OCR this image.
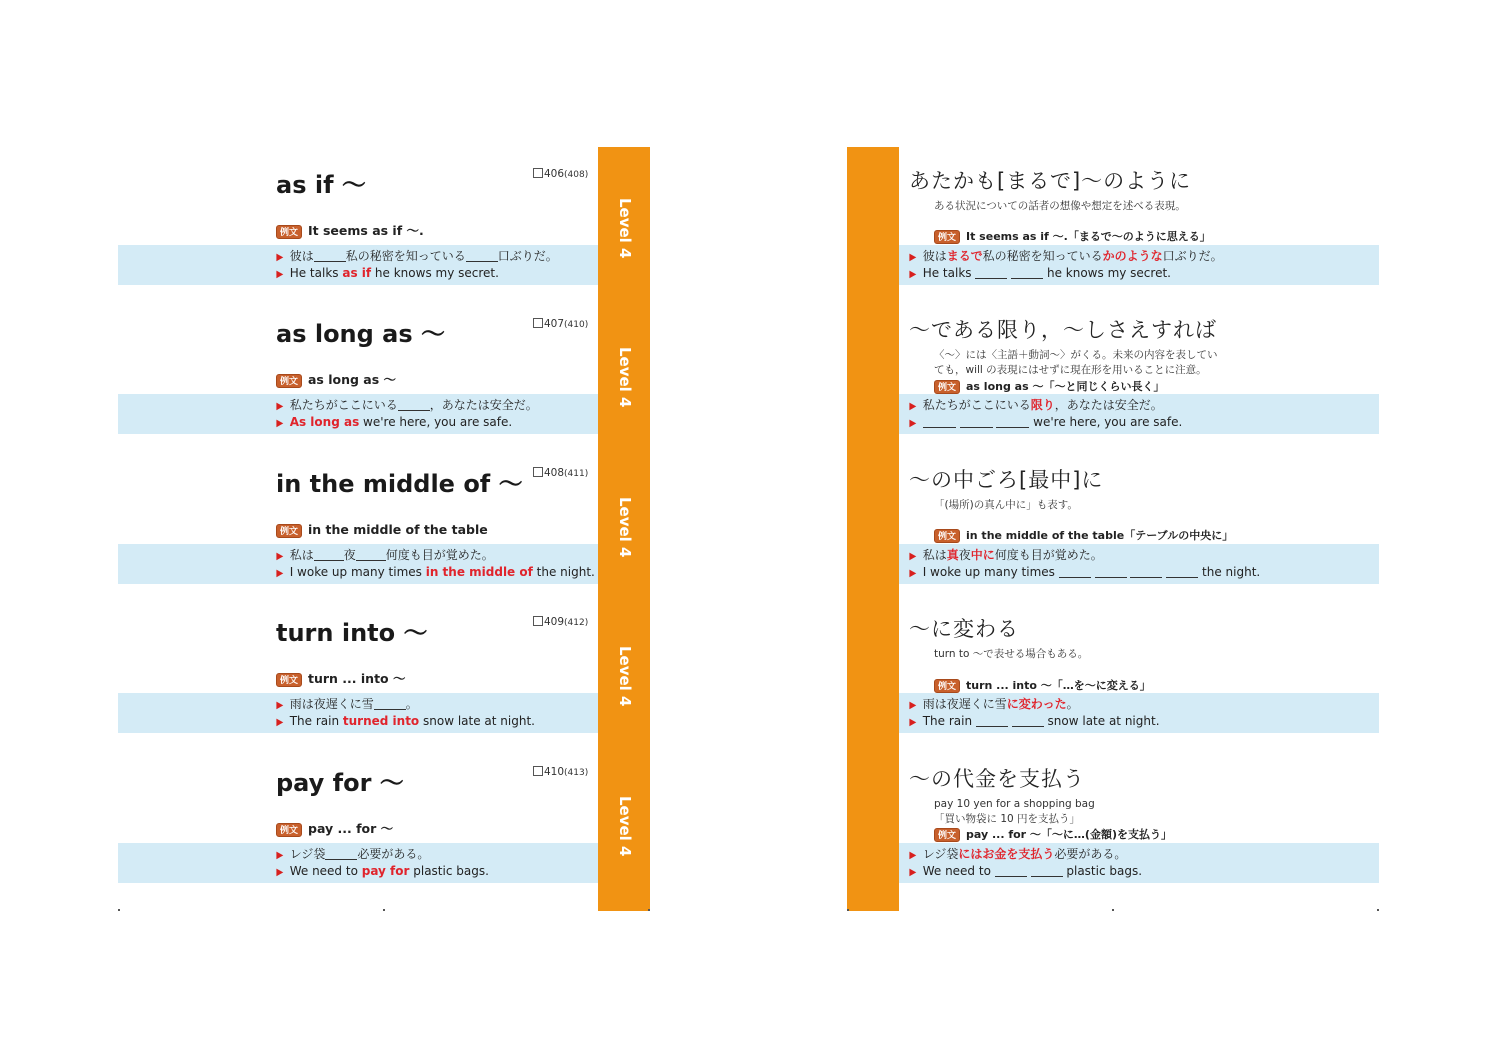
as if 〜	406(408)
例文 It seems as if 〜.
▶ 彼は	私の秘密を知っている	口ぶりだ。
▶ He talks as if he knows my secret.
as long as 〜	407(410)
例文 as long as 〜
▶ 私たちがここにいる	，あなたは安全だ。
▶ As long as we're here, you are safe.
in the middle of 〜	408(411)
例文 in the middle of the table
▶ 私は	夜	何度も目が覚めた。
▶ I woke up many times in the middle of the night.
turn into 〜	409(412)
例文 turn ... into 〜
▶ 雨は夜遅くに雪	。
▶ The rain turned into snow late at night.
pay for 〜	410(413)
例文 pay ... for 〜
▶ レジ袋	必要がある。
▶ We need to pay for plastic bags.
Level 4
Level 4
Level 4
Level 4
Level 4
あたかも[まるで]〜のように
ある状況についての話者の想像や想定を述べる表現。
例文 It seems as if 〜.「まるで〜のように思える」
▶ 彼はまるで私の秘密を知っているかのような口ぶりだ。
▶ He talks	he knows my secret.
〜である限り，〜しさえすれば
〈〜〉には〈主語＋動詞〜〉がくる。未来の内容を表してい
ても，will の表現にはせずに現在形を用いることに注意。
例文 as long as 〜「〜と同じくらい長く」
▶ 私たちがここにいる限り，あなたは安全だ。
▶	we're here, you are safe.
〜の中ごろ[最中]に
「(場所)の真ん中に」も表す。
例文 in the middle of the table「テーブルの中央に」
▶ 私は真夜中に何度も目が覚めた。
▶ I woke up many times	the night.
〜に変わる
turn to 〜で表せる場合もある。
例文 turn ... into 〜「…を〜に変える」
▶ 雨は夜遅くに雪に変わった。
▶ The rain	snow late at night.
〜の代金を支払う
pay 10 yen for a shopping bag
「買い物袋に 10 円を支払う」
例文 pay ... for 〜「〜に…(金額)を支払う」
▶ レジ袋にはお金を支払う必要がある。
▶ We need to	plastic bags.
